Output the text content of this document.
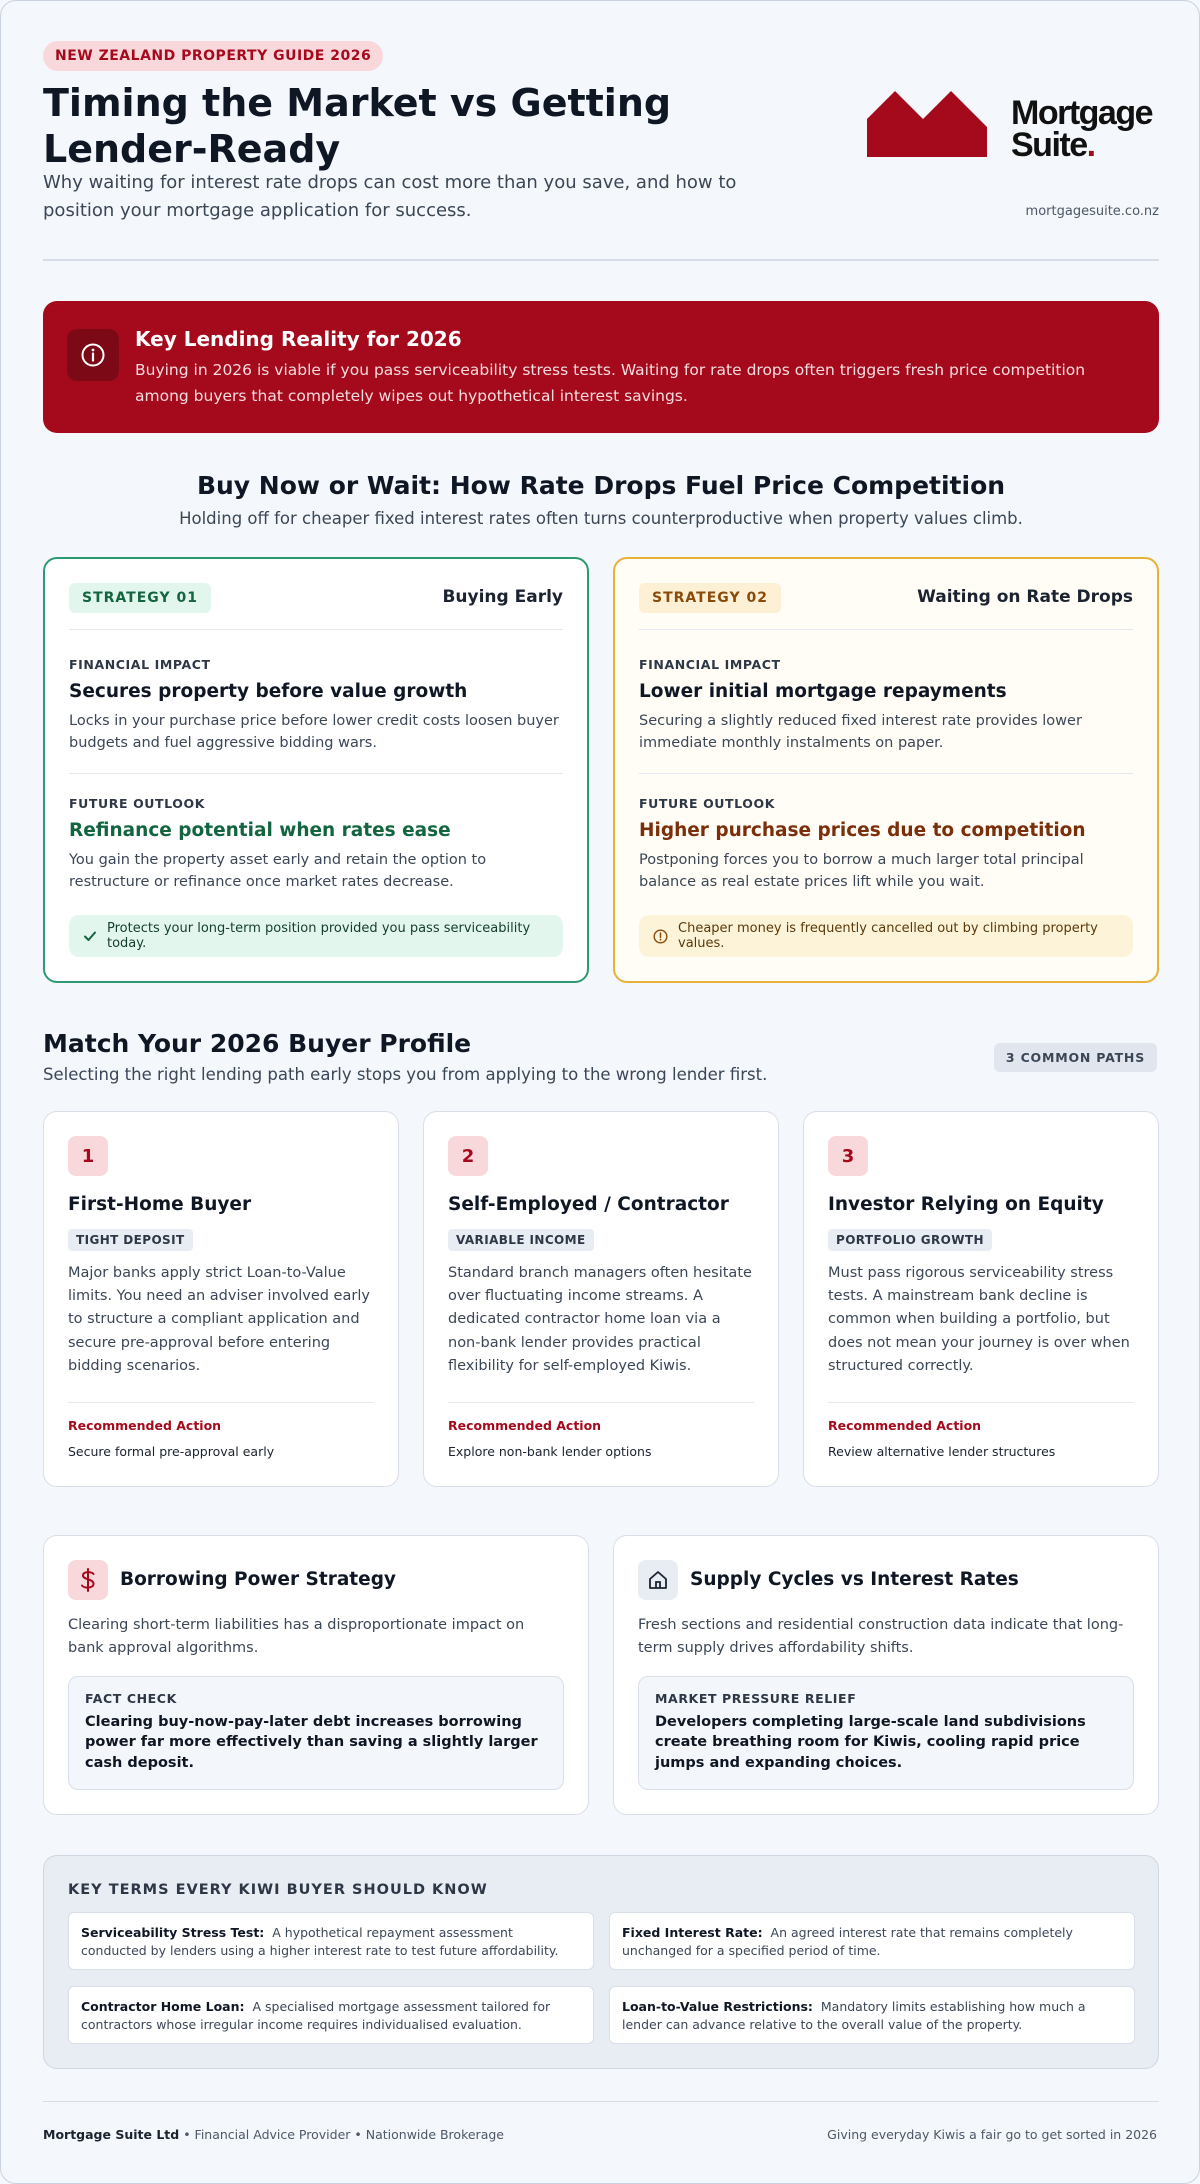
NEW ZEALAND PROPERTY GUIDE 2026
Timing the Market vs Getting Lender-Ready

Why waiting for interest rate drops can cost more than you save, and how to position your mortgage application for success.

Mortgage
Suite.
mortgagesuite.co.nz
Key Lending Reality for 2026
Buying in 2026 is viable if you pass serviceability stress tests. Waiting for rate drops often triggers fresh price competition among buyers that completely wipes out hypothetical interest savings.
Buy Now or Wait: How Rate Drops Fuel Price Competition

Holding off for cheaper fixed interest rates often turns counterproductive when property values climb.

STRATEGY 01	Buying Early
FINANCIAL IMPACT
Secures property before value growth
Locks in your purchase price before lower credit costs loosen buyer budgets and fuel aggressive bidding wars.
FUTURE OUTLOOK
Refinance potential when rates ease
You gain the property asset early and retain the option to restructure or refinance once market rates decrease.
Protects your long-term position provided you pass serviceability today.
STRATEGY 02	Waiting on Rate Drops
FINANCIAL IMPACT
Lower initial mortgage repayments
Securing a slightly reduced fixed interest rate provides lower immediate monthly instalments on paper.
FUTURE OUTLOOK
Higher purchase prices due to competition
Postponing forces you to borrow a much larger total principal balance as real estate prices lift while you wait.
Cheaper money is frequently cancelled out by climbing property values.
Match Your 2026 Buyer Profile

Selecting the right lending path early stops you from applying to the wrong lender first.

3 COMMON PATHS
1
First-Home Buyer
TIGHT DEPOSIT
Major banks apply strict Loan-to-Value limits. You need an adviser involved early to structure a compliant application and secure pre-approval before entering bidding scenarios.
Recommended Action
Secure formal pre-approval early
2
Self-Employed / Contractor
VARIABLE INCOME
Standard branch managers often hesitate over fluctuating income streams. A dedicated contractor home loan via a non-bank lender provides practical flexibility for self-employed Kiwis.
Recommended Action
Explore non-bank lender options
3
Investor Relying on Equity
PORTFOLIO GROWTH
Must pass rigorous serviceability stress tests. A mainstream bank decline is common when building a portfolio, but does not mean your journey is over when structured correctly.
Recommended Action
Review alternative lender structures
Borrowing Power Strategy
Clearing short-term liabilities has a disproportionate impact on bank approval algorithms.
FACT CHECK
Clearing buy-now-pay-later debt increases borrowing power far more effectively than saving a slightly larger cash deposit.
Supply Cycles vs Interest Rates
Fresh sections and residential construction data indicate that long-term supply drives affordability shifts.
MARKET PRESSURE RELIEF
Developers completing large-scale land subdivisions create breathing room for Kiwis, cooling rapid price jumps and expanding choices.
KEY TERMS EVERY KIWI BUYER SHOULD KNOW
Serviceability Stress Test: A hypothetical repayment assessment conducted by lenders using a higher interest rate to test future affordability.
Fixed Interest Rate: An agreed interest rate that remains completely unchanged for a specified period of time.
Contractor Home Loan: A specialised mortgage assessment tailored for contractors whose irregular income requires individualised evaluation.
Loan-to-Value Restrictions: Mandatory limits establishing how much a lender can advance relative to the overall value of the property.
Mortgage Suite Ltd • Financial Advice Provider • Nationwide Brokerage	Giving everyday Kiwis a fair go to get sorted in 2026
